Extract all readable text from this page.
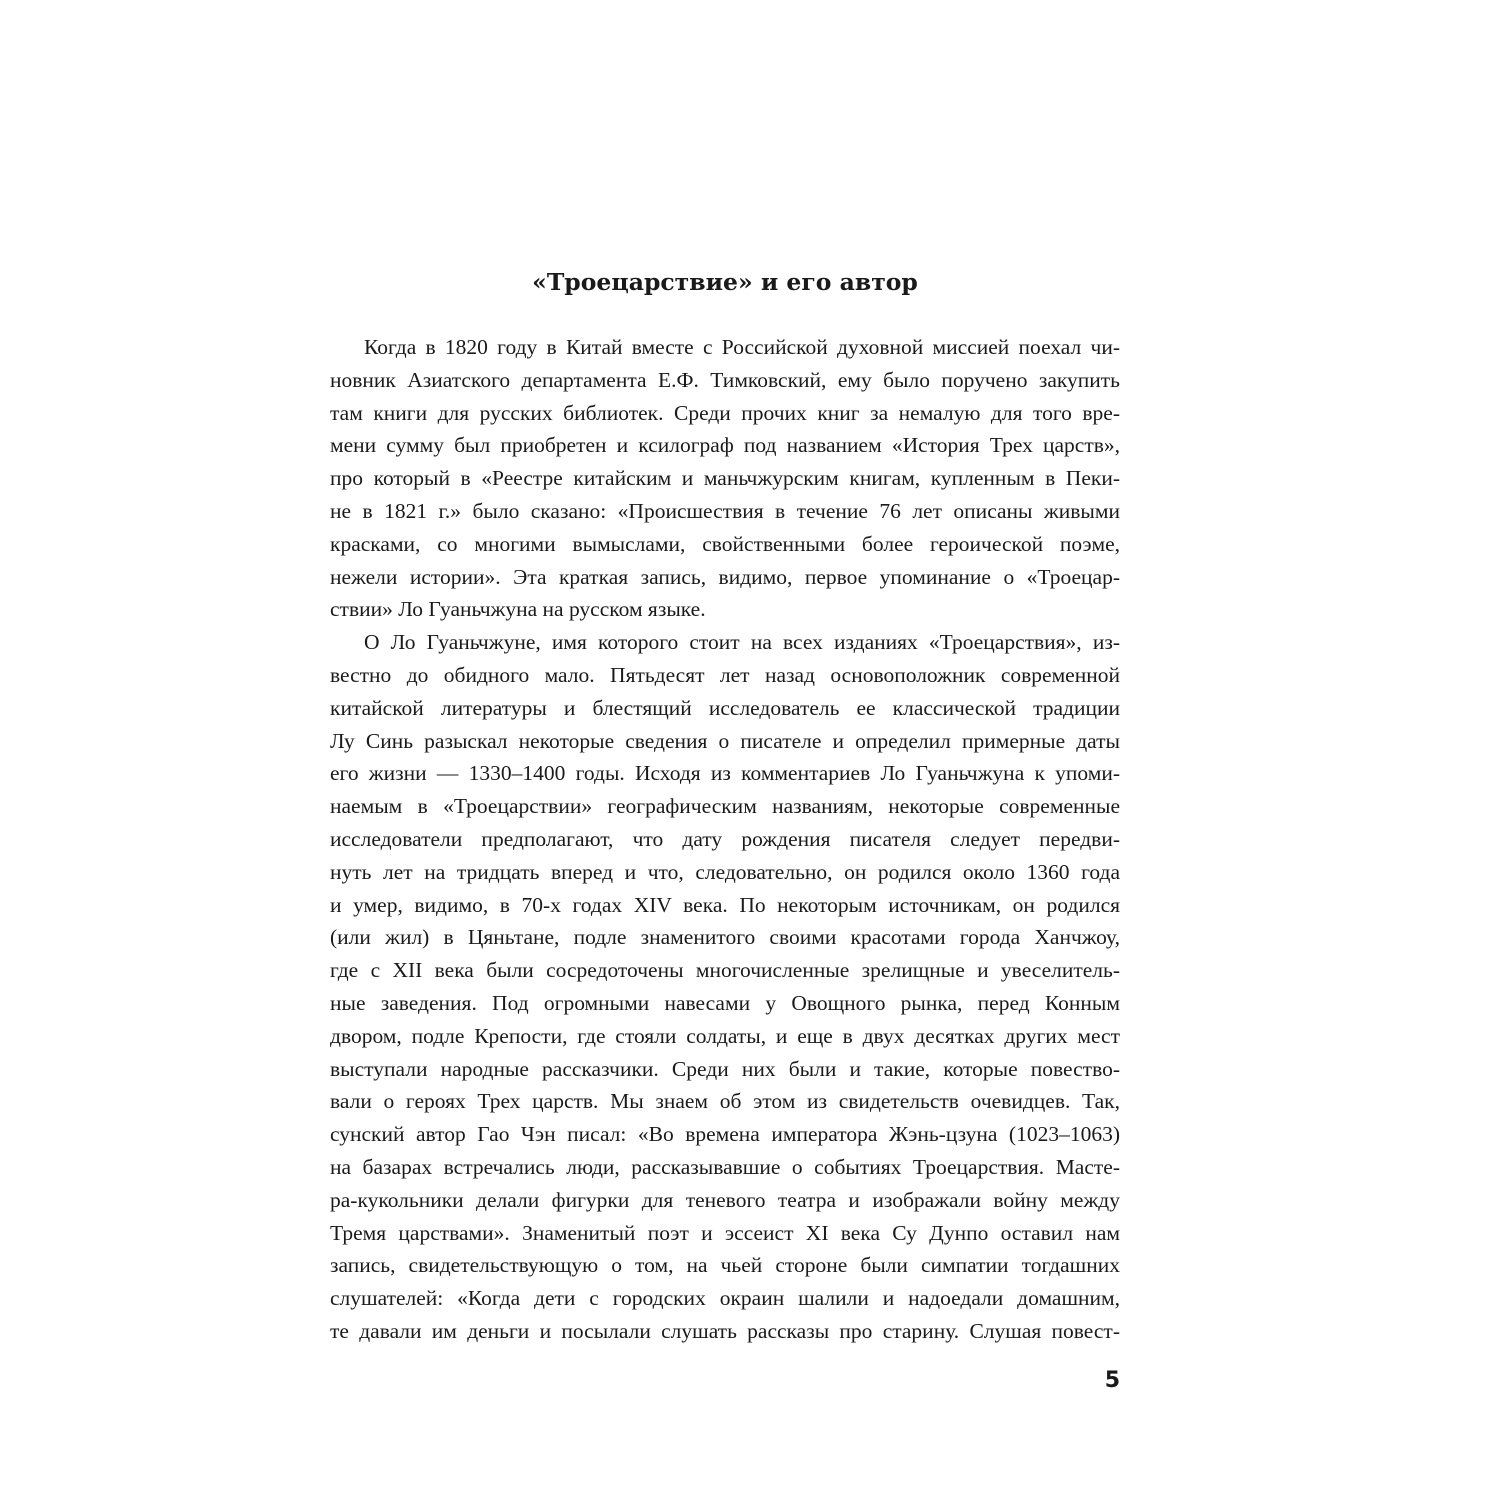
«Троецарствие» и его автор
Когда в 1820 году в Китай вместе с Российской духовной миссией поехал чи-
новник Азиатского департамента Е.Ф. Тимковский, ему было поручено закупить
там книги для русских библиотек. Среди прочих книг за немалую для того вре-
мени сумму был приобретен и ксилограф под названием «История Трех царств»,
про который в «Реестре китайским и маньчжурским книгам, купленным в Пеки-
не в 1821 г.» было сказано: «Происшествия в течение 76 лет описаны живыми
красками, со многими вымыслами, свойственными более героической поэме,
нежели истории». Эта краткая запись, видимо, первое упоминание о «Троецар-
ствии» Ло Гуаньчжуна на русском языке.
О Ло Гуаньчжуне, имя которого стоит на всех изданиях «Троецарствия», из-
вестно до обидного мало. Пятьдесят лет назад основоположник современной
китайской литературы и блестящий исследователь ее классической традиции
Лу Синь разыскал некоторые сведения о писателе и определил примерные даты
его жизни — 1330–1400 годы. Исходя из комментариев Ло Гуаньчжуна к упоми-
наемым в «Троецарствии» географическим названиям, некоторые современные
исследователи предполагают, что дату рождения писателя следует передви-
нуть лет на тридцать вперед и что, следовательно, он родился около 1360 года
и умер, видимо, в 70-х годах XIV века. По некоторым источникам, он родился
(или жил) в Цяньтане, подле знаменитого своими красотами города Ханчжоу,
где с XII века были сосредоточены многочисленные зрелищные и увеселитель-
ные заведения. Под огромными навесами у Овощного рынка, перед Конным
двором, подле Крепости, где стояли солдаты, и еще в двух десятках других мест
выступали народные рассказчики. Среди них были и такие, которые повество-
вали о героях Трех царств. Мы знаем об этом из свидетельств очевидцев. Так,
сунский автор Гао Чэн писал: «Во времена императора Жэнь-цзуна (1023–1063)
на базарах встречались люди, рассказывавшие о событиях Троецарствия. Масте-
ра-кукольники делали фигурки для теневого театра и изображали войну между
Тремя царствами». Знаменитый поэт и эссеист XI века Су Дунпо оставил нам
запись, свидетельствующую о том, на чьей стороне были симпатии тогдашних
слушателей: «Когда дети с городских окраин шалили и надоедали домашним,
те давали им деньги и посылали слушать рассказы про старину. Слушая повест-
5
